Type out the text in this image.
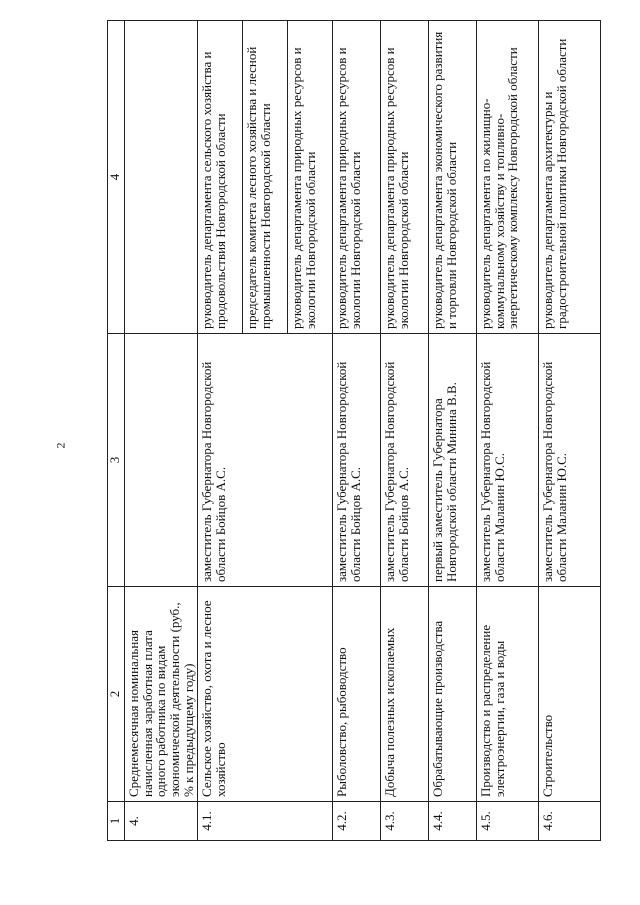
2
1	2	3	4
4.	Среднемесячная номинальная начисленная заработная плата одного работника по видам экономической деятельности (руб., % к предыдущему году)		
4.1.	Сельское хозяйство, охота и лесное хозяйство	заместитель Губернатора Новгородской области Бойцов А.С.	руководитель департамента сельского хозяйства и продовольствия Новгородской области
			председатель комитета лесного хозяйства и лесной промышленности Новгородской области
			руководитель департамента природных ресурсов и экологии Новгородской области
4.2.	Рыболовство, рыбоводство	заместитель Губернатора Новгородской области Бойцов А.С.	руководитель департамента природных ресурсов и экологии Новгородской области
4.3.	Добыча полезных ископаемых	заместитель Губернатора Новгородской области Бойцов А.С.	руководитель департамента природных ресурсов и экологии Новгородской области
4.4.	Обрабатывающие производства	первый заместитель Губернатора Новгородской области Минина В.В.	руководитель департамента экономического развития и торговли Новгородской области
4.5.	Производство и распределение электроэнергии, газа и воды	заместитель Губернатора Новгородской области Маланин Ю.С.	руководитель департамента по жилищно-коммунальному хозяйству и топливно-энергетическому комплексу Новгородской области
4.6.	Строительство	заместитель Губернатора Новгородской области Маланин Ю.С.	руководитель департамента архитектуры и градостроительной политики Новгородской области
